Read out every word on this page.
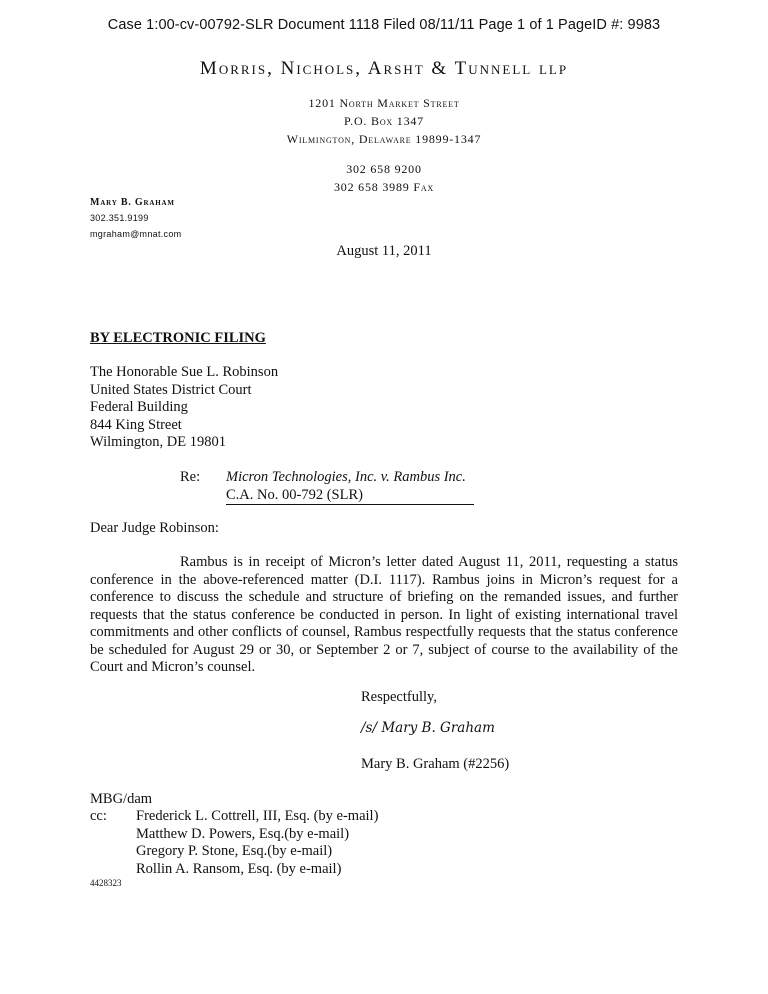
Case 1:00-cv-00792-SLR Document 1118 Filed 08/11/11 Page 1 of 1 PageID #: 9983
Morris, Nichols, Arsht & Tunnell llp
1201 North Market Street
P.O. Box 1347
Wilmington, Delaware 19899-1347
302 658 9200
302 658 3989 Fax
Mary B. Graham
302.351.9199
mgraham@mnat.com
August 11, 2011
BY ELECTRONIC FILING
The Honorable Sue L. Robinson
United States District Court
Federal Building
844 King Street
Wilmington, DE 19801
Re: Micron Technologies, Inc. v. Rambus Inc.
C.A. No. 00-792 (SLR)
Dear Judge Robinson:
Rambus is in receipt of Micron’s letter dated August 11, 2011, requesting a status conference in the above-referenced matter (D.I. 1117). Rambus joins in Micron’s request for a conference to discuss the schedule and structure of briefing on the remanded issues, and further requests that the status conference be conducted in person. In light of existing international travel commitments and other conflicts of counsel, Rambus respectfully requests that the status conference be scheduled for August 29 or 30, or September 2 or 7, subject of course to the availability of the Court and Micron’s counsel.
Respectfully,
/s/ Mary B. Graham
Mary B. Graham (#2256)
MBG/dam
cc: Frederick L. Cottrell, III, Esq. (by e-mail)
Matthew D. Powers, Esq.(by e-mail)
Gregory P. Stone, Esq.(by e-mail)
Rollin A. Ransom, Esq. (by e-mail)
4428323
